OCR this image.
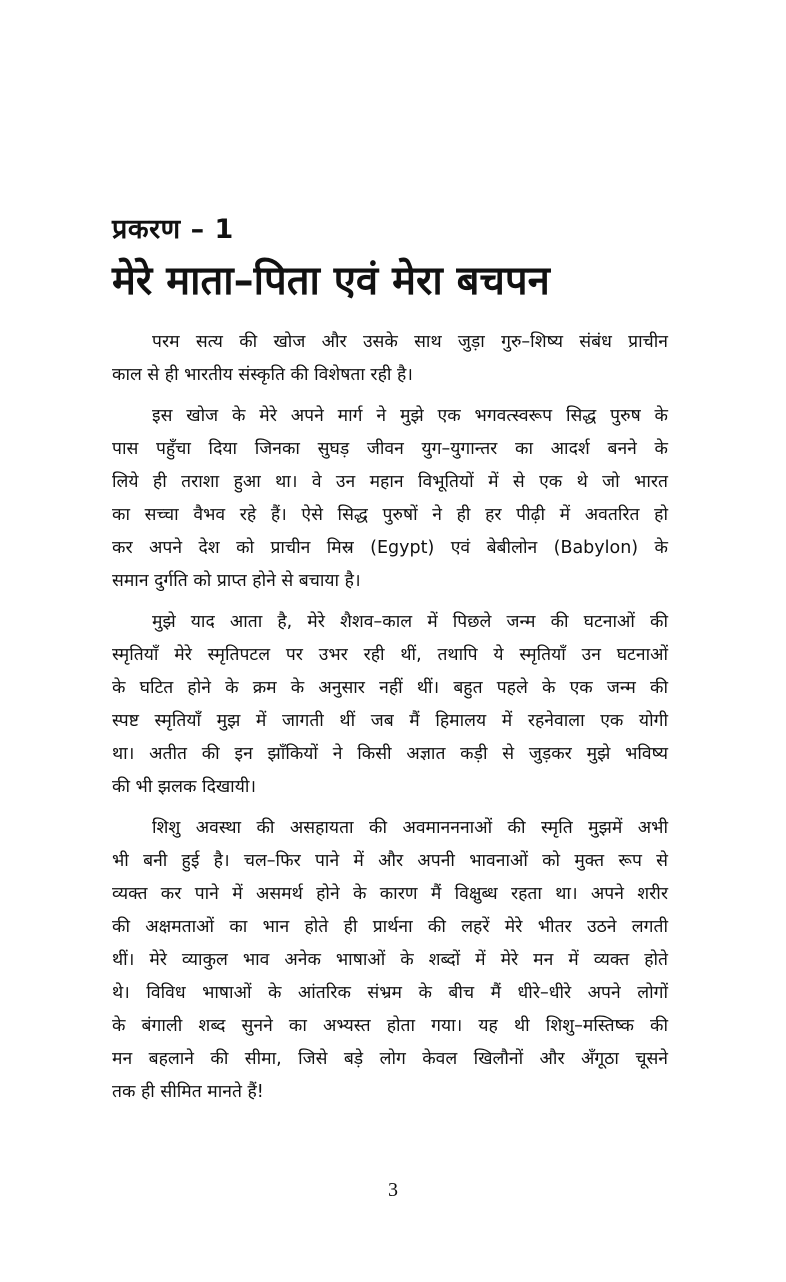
प्रकरण – 1
मेरे माता–पिता एवं मेरा बचपन
परम सत्य की खोज और उसके साथ जुड़ा गुरु–शिष्य संबंध प्राचीन
काल से ही भारतीय संस्कृति की विशेषता रही है।
इस खोज के मेरे अपने मार्ग ने मुझे एक भगवत्स्वरूप सिद्ध पुरुष के
पास पहुँचा दिया जिनका सुघड़ जीवन युग–युगान्तर का आदर्श बनने के
लिये ही तराशा हुआ था। वे उन महान विभूतियों में से एक थे जो भारत
का सच्चा वैभव रहे हैं। ऐसे सिद्ध पुरुषों ने ही हर पीढ़ी में अवतरित हो
कर अपने देश को प्राचीन मिस्र (Egypt) एवं बेबीलोन (Babylon) के
समान दुर्गति को प्राप्त होने से बचाया है।
मुझे याद आता है, मेरे शैशव–काल में पिछले जन्म की घटनाओं की
स्मृतियाँ मेरे स्मृतिपटल पर उभर रही थीं, तथापि ये स्मृतियाँ उन घटनाओं
के घटित होने के क्रम के अनुसार नहीं थीं। बहुत पहले के एक जन्म की
स्पष्ट स्मृतियाँ मुझ में जागती थीं जब मैं हिमालय में रहनेवाला एक योगी
था। अतीत की इन झाँकियों ने किसी अज्ञात कड़ी से जुड़कर मुझे भविष्य
की भी झलक दिखायी।
शिशु अवस्था की असहायता की अवमानननाओं की स्मृति मुझमें अभी
भी बनी हुई है। चल–फिर पाने में और अपनी भावनाओं को मुक्त रूप से
व्यक्त कर पाने में असमर्थ होने के कारण मैं विक्षुब्ध रहता था। अपने शरीर
की अक्षमताओं का भान होते ही प्रार्थना की लहरें मेरे भीतर उठने लगती
थीं। मेरे व्याकुल भाव अनेक भाषाओं के शब्दों में मेरे मन में व्यक्त होते
थे। विविध भाषाओं के आंतरिक संभ्रम के बीच मैं धीरे–धीरे अपने लोगों
के बंगाली शब्द सुनने का अभ्यस्त होता गया। यह थी शिशु–मस्तिष्क की
मन बहलाने की सीमा, जिसे बड़े लोग केवल खिलौनों और अँगूठा चूसने
तक ही सीमित मानते हैं!
3
